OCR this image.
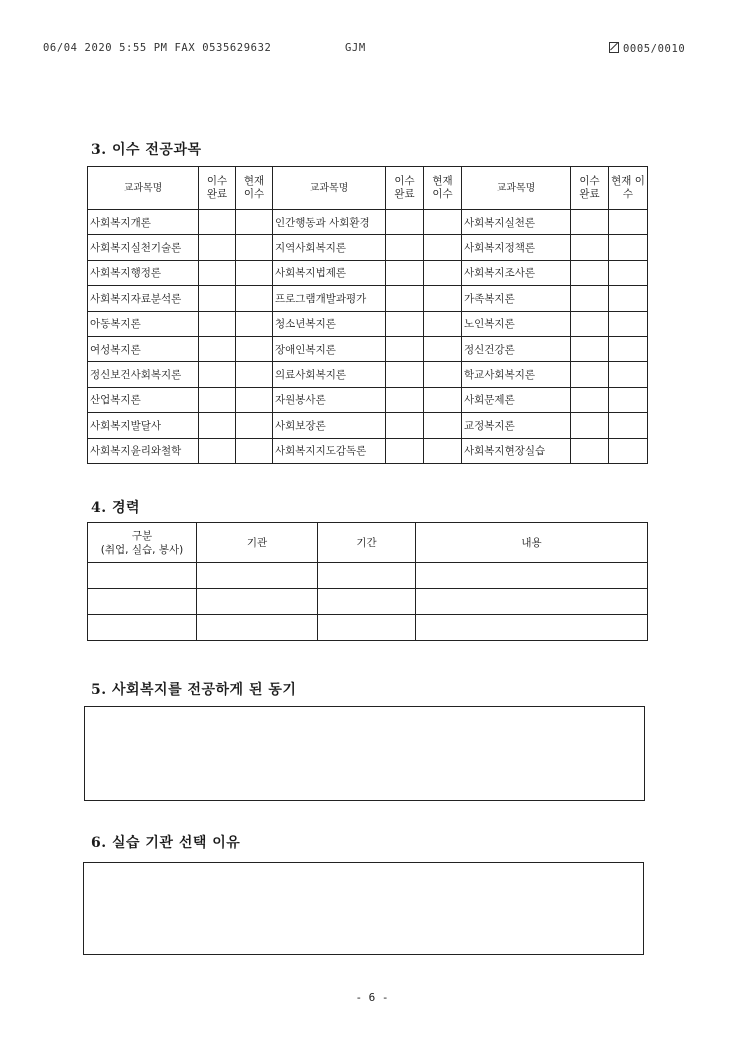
06/04 2020 5:55 PM FAX 0535629632	GJM	0005/0010
3. 이수 전공과목
교과목명	이수 완료	현재 이수	교과목명	이수 완료	현재 이수	교과목명	이수 완료	현재 이수
사회복지개론			인간행동과 사회환경			사회복지실천론		
사회복지실천기술론			지역사회복지론			사회복지정책론		
사회복지행정론			사회복지법제론			사회복지조사론		
사회복지자료분석론			프로그램개발과평가			가족복지론		
아동복지론			청소년복지론			노인복지론		
여성복지론			장애인복지론			정신건강론		
정신보건사회복지론			의료사회복지론			학교사회복지론		
산업복지론			자원봉사론			사회문제론		
사회복지발달사			사회보장론			교정복지론		
사회복지윤리와철학			사회복지지도감독론			사회복지현장실습		
4. 경력
구분
(취업, 실습, 봉사)	기관	기간	내용

5. 사회복지를 전공하게 된 동기
6. 실습 기관 선택 이유
- 6 -
